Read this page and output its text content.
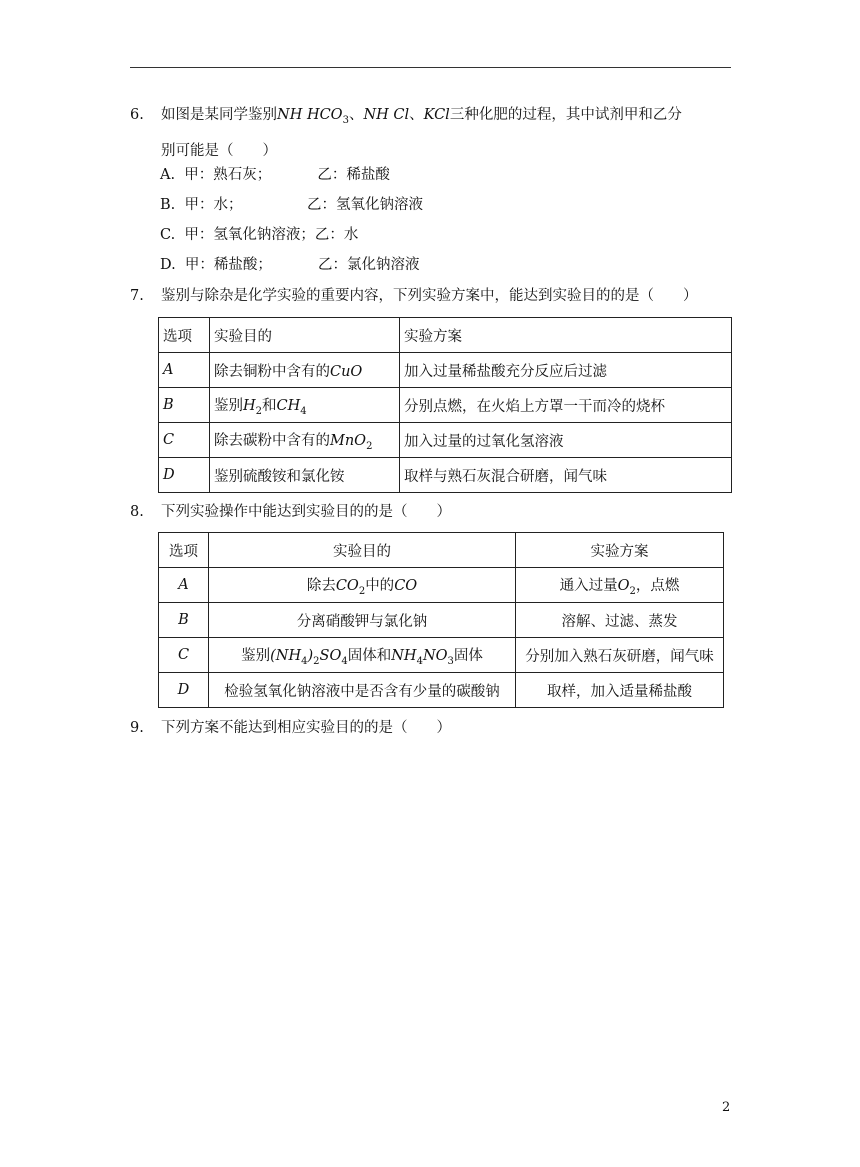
6. 如图是某同学鉴别NH $HCO_3$、NH Cl、KCl三种化肥的过程，其中试剂甲和乙分
别可能是（　　）
A.  甲：熟石灰；          乙：稀盐酸
B.  甲：水；              乙：氢氧化钠溶液
C.  甲：氢氧化钠溶液；乙：水
D.  甲：稀盐酸；          乙：氯化钠溶液
7. 鉴别与除杂是化学实验的重要内容，下列实验方案中，能达到实验目的的是（　　）
选项	实验目的	实验方案
A	除去铜粉中含有的CuO	加入过量稀盐酸充分反应后过滤
B	鉴别$H_2$和$CH_4$	分别点燃，在火焰上方罩一干而冷的烧杯
C	除去碳粉中含有的MnO$_2$	加入过量的过氧化氢溶液
D	鉴别硫酸铵和氯化铵	取样与熟石灰混合研磨，闻气味
8. 下列实验操作中能达到实验目的的是（　　）
选项	实验目的	实验方案
A	除去$CO_2$中的CO	通入过量$O_2$，点燃
B	分离硝酸钾与氯化钠	溶解、过滤、蒸发
C	鉴别$(NH_4)_2SO_4$固体和$NH_4NO_3$固体	分别加入熟石灰研磨，闻气味
D	检验氢氧化钠溶液中是否含有少量的碳酸钠	取样，加入适量稀盐酸
9. 下列方案不能达到相应实验目的的是（　　）
2
